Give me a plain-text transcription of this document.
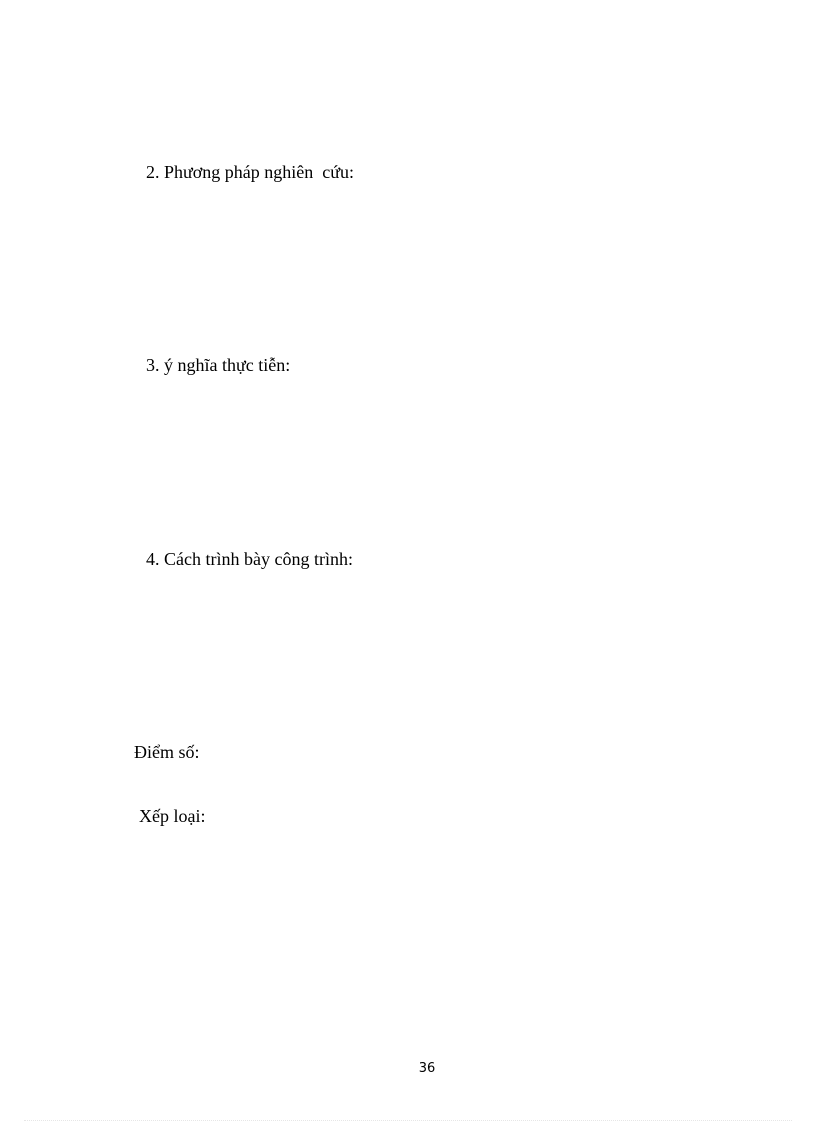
2. Phương pháp nghiên  cứu:
3. ý nghĩa thực tiễn:
4. Cách trình bày công trình:
Điểm số:
Xếp loại:
36
